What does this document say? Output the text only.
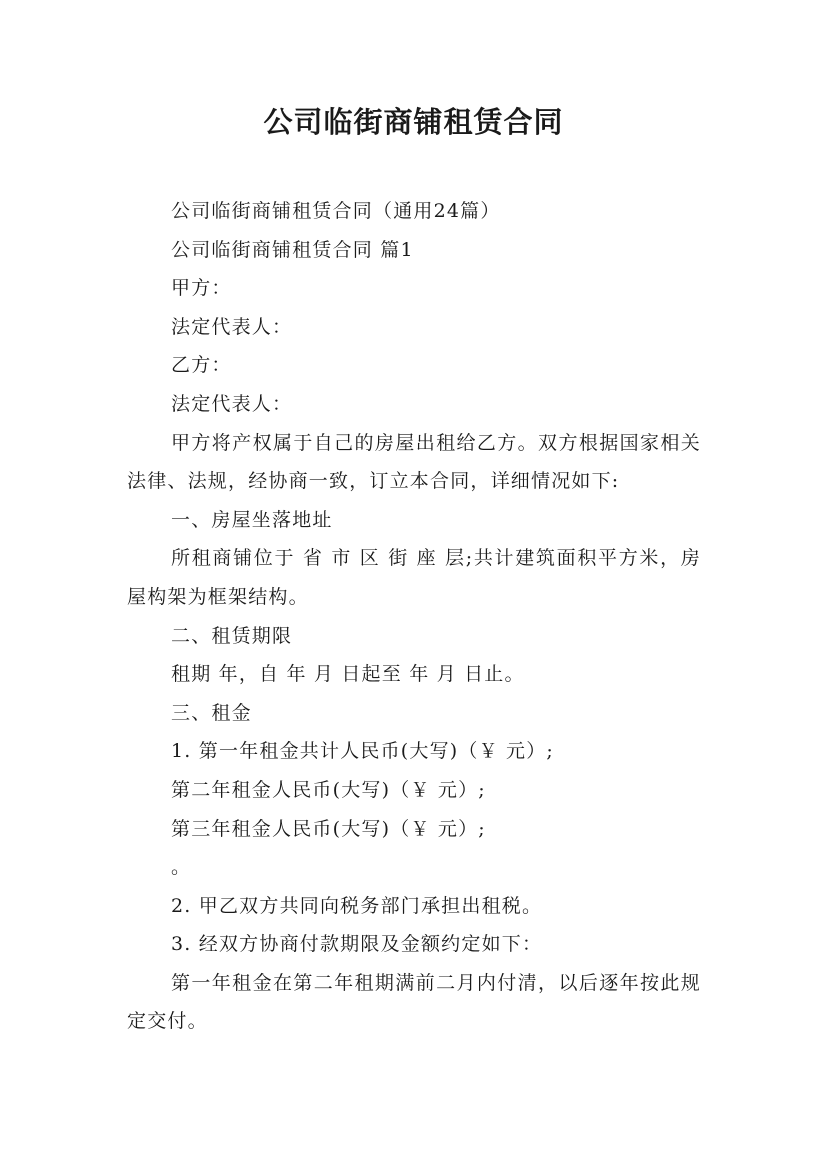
公司临街商铺租赁合同

公司临街商铺租赁合同（通用24篇）

公司临街商铺租赁合同 篇1

甲方：

法定代表人：

乙方：

法定代表人：

甲方将产权属于自己的房屋出租给乙方。双方根据国家相关法律、法规，经协商一致，订立本合同，详细情况如下:

一、房屋坐落地址

所租商铺位于 省 市 区 街 座 层;共计建筑面积平方米，房屋构架为框架结构。

二、租赁期限

租期 年，自 年 月 日起至 年 月 日止。

三、租金

1. 第一年租金共计人民币(大写)（￥ 元）;

第二年租金人民币(大写)（￥ 元）;

第三年租金人民币(大写)（￥ 元）;

。

2. 甲乙双方共同向税务部门承担出租税。

3. 经双方协商付款期限及金额约定如下：

第一年租金在第二年租期满前二月内付清，以后逐年按此规定交付。
